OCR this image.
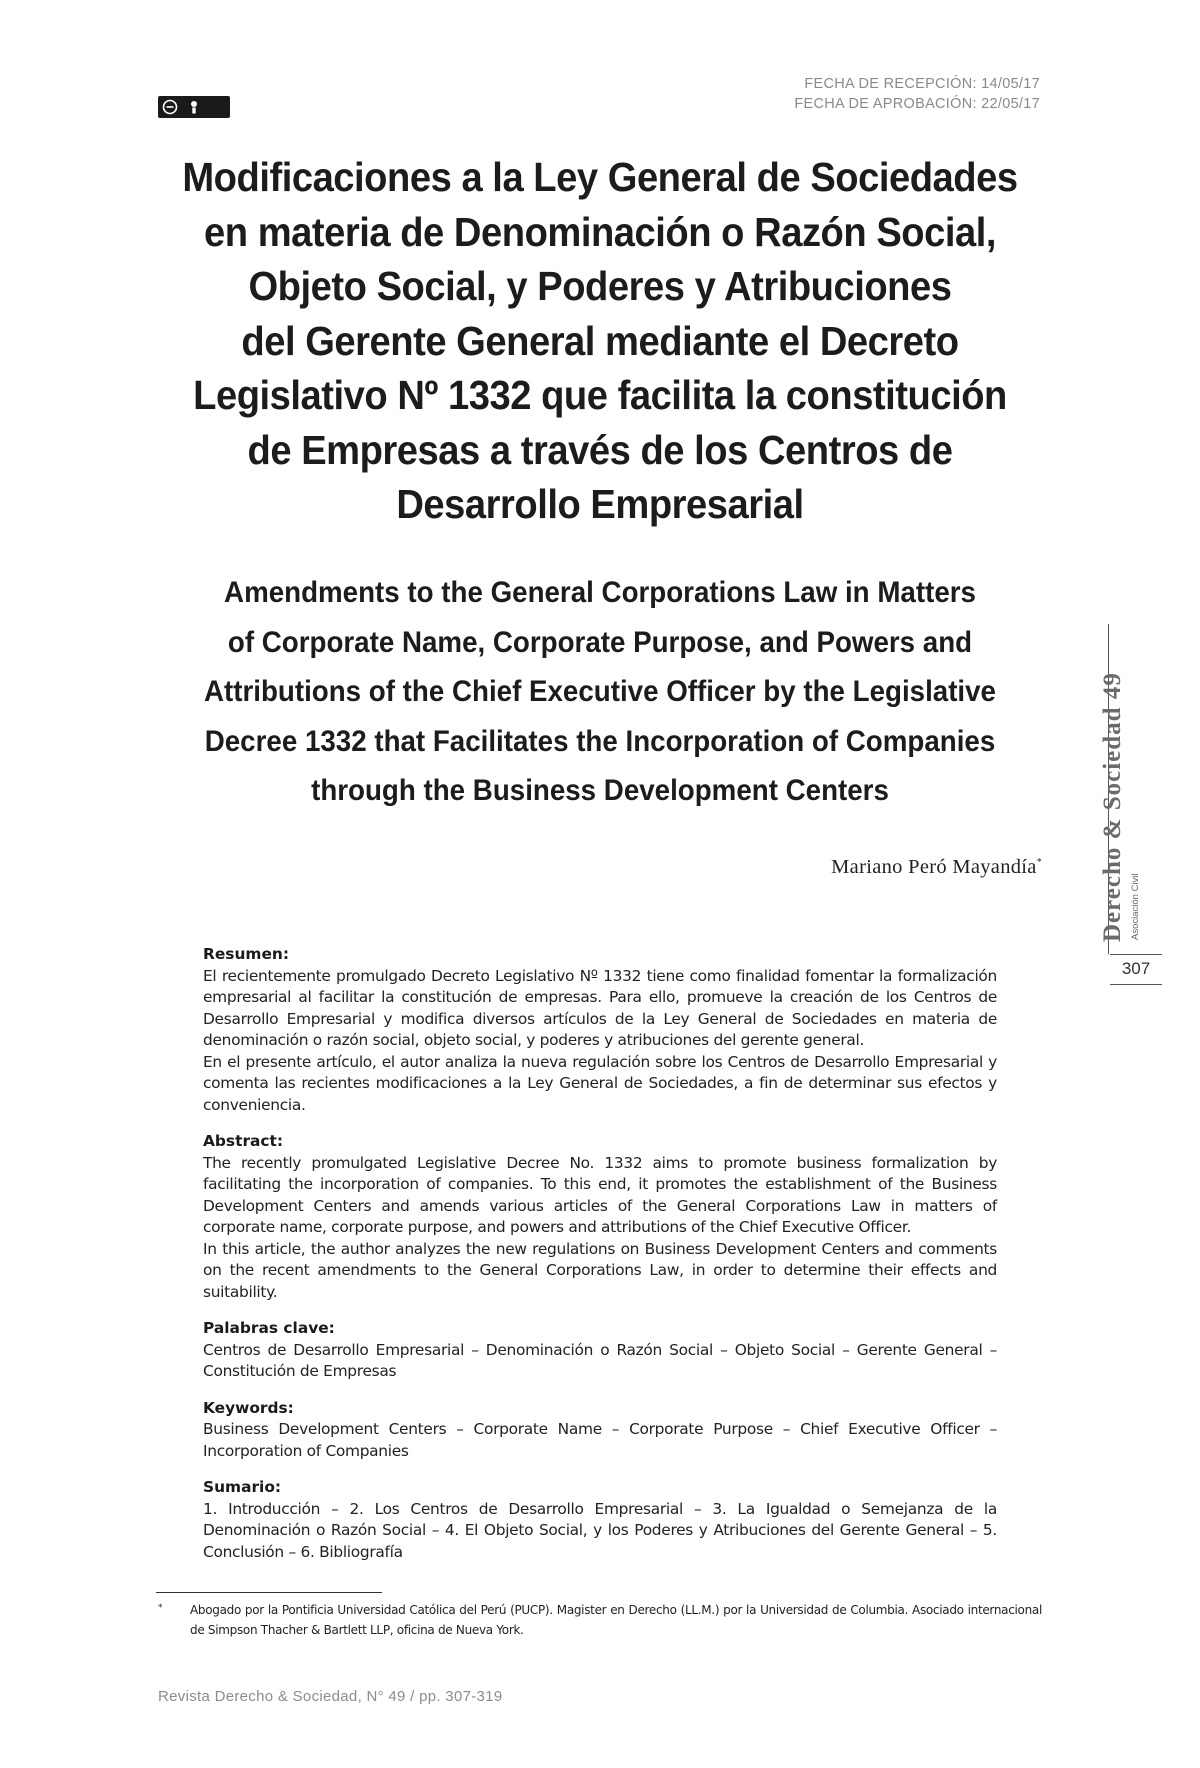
FECHA DE RECEPCIÓN: 14/05/17
FECHA DE APROBACIÓN: 22/05/17
Modificaciones a la Ley General de Sociedades
en materia de Denominación o Razón Social,
Objeto Social, y Poderes y Atribuciones
del Gerente General mediante el Decreto
Legislativo Nº 1332 que facilita la constitución
de Empresas a través de los Centros de
Desarrollo Empresarial
Amendments to the General Corporations Law in Matters
of Corporate Name, Corporate Purpose, and Powers and
Attributions of the Chief Executive Officer by the Legislative
Decree 1332 that Facilitates the Incorporation of Companies
through the Business Development Centers
Mariano Peró Mayandía* Derecho & Sociedad 49 Asociación Civil
307
Resumen:

El recientemente promulgado Decreto Legislativo Nº 1332 tiene como finalidad fomentar la formalización empresarial al facilitar la constitución de empresas. Para ello, promueve la creación de los Centros de Desarrollo Empresarial y modifica diversos artículos de la Ley General de Sociedades en materia de denominación o razón social, objeto social, y poderes y atribuciones del gerente general.

En el presente artículo, el autor analiza la nueva regulación sobre los Centros de Desarrollo Empresarial y comenta las recientes modificaciones a la Ley General de Sociedades, a fin de determinar sus efectos y conveniencia.

Abstract:

The recently promulgated Legislative Decree No. 1332 aims to promote business formalization by facilitating the incorporation of companies. To this end, it promotes the establishment of the Business Development Centers and amends various articles of the General Corporations Law in matters of corporate name, corporate purpose, and powers and attributions of the Chief Executive Officer.

In this article, the author analyzes the new regulations on Business Development Centers and comments on the recent amendments to the General Corporations Law, in order to determine their effects and suitability.

Palabras clave:

Centros de Desarrollo Empresarial – Denominación o Razón Social – Objeto Social – Gerente General – Constitución de Empresas

Keywords:

Business Development Centers – Corporate Name – Corporate Purpose – Chief Executive Officer – Incorporation of Companies

Sumario:

1. Introducción – 2. Los Centros de Desarrollo Empresarial – 3. La Igualdad o Semejanza de la Denominación o Razón Social – 4. El Objeto Social, y los Poderes y Atribuciones del Gerente General – 5. Conclusión – 6. Bibliografía

* Abogado por la Pontificia Universidad Católica del Perú (PUCP). Magister en Derecho (LL.M.) por la Universidad de Columbia. Asociado internacional de Simpson Thacher & Bartlett LLP, oficina de Nueva York.
Revista Derecho & Sociedad, N° 49 / pp. 307-319
